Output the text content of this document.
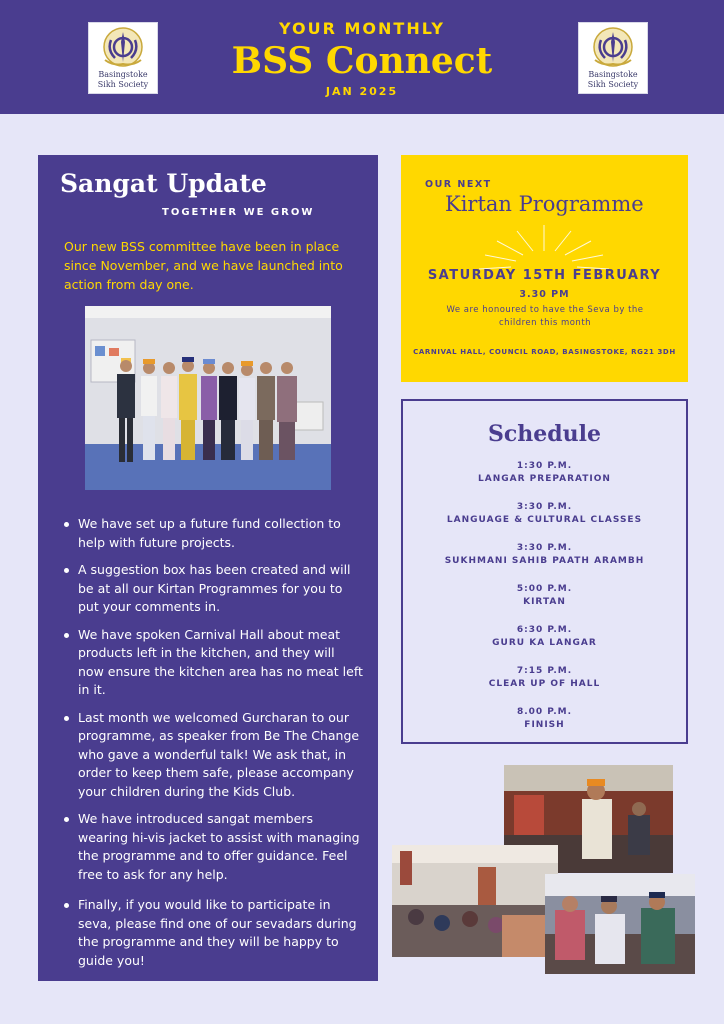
Basingstoke
Sikh Society
YOUR MONTHLY
BSS Connect
JAN 2025
Basingstoke
Sikh Society
Sangat Update
TOGETHER WE GROW

Our new BSS committee have been in place since November, and we have launched into action from day one.

We have set up a future fund collection to help with future projects.
A suggestion box has been created and will be at all our Kirtan Programmes for you to put your comments in.
We have spoken Carnival Hall about meat products left in the kitchen, and they will now ensure the kitchen area has no meat left in it.
Last month we welcomed Gurcharan to our programme, as speaker from Be The Change who gave a wonderful talk! We ask that, in order to keep them safe, please accompany your children during the Kids Club.
We have introduced sangat members wearing hi-vis jacket to assist with managing the programme and to offer guidance. Feel free to ask for any help.
Finally, if you would like to participate in seva, please find one of our sevadars during the programme and they will be happy to guide you!
OUR NEXT
Kirtan Programme
SATURDAY 15TH FEBRUARY
3.30 PM
We are honoured to have the Seva by the children this month
CARNIVAL HALL, COUNCIL ROAD, BASINGSTOKE, RG21 3DH
Schedule
1:30 P.M.
LANGAR PREPARATION
3:30 P.M.
LANGUAGE & CULTURAL CLASSES
3:30 P.M.
SUKHMANI SAHIB PAATH ARAMBH
5:00 P.M.
KIRTAN
6:30 P.M.
GURU KA LANGAR
7:15 P.M.
CLEAR UP OF HALL
8.00 P.M.
FINISH
